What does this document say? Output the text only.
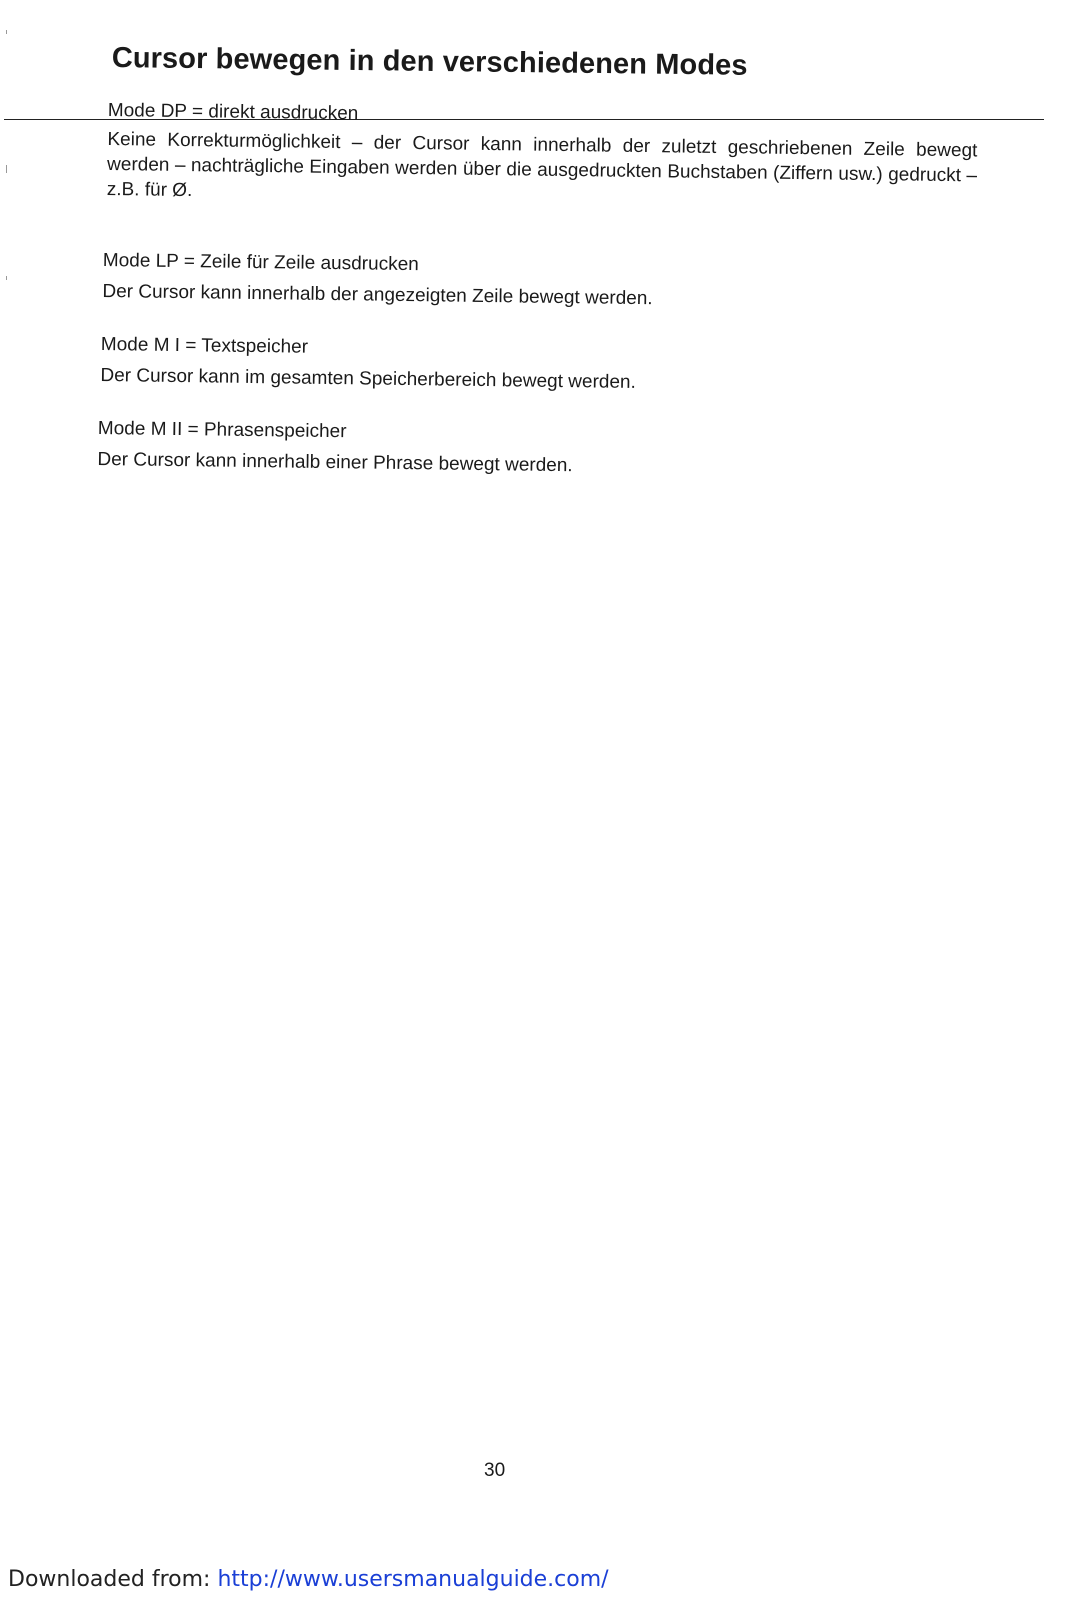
Cursor bewegen in den verschiedenen Modes
Mode DP = direkt ausdrucken
Keine Korrekturmöglichkeit – der Cursor kann innerhalb der zuletzt geschriebenen Zeile bewegt werden – nachträgliche Eingaben werden über die ausgedruckten Buchstaben (Ziffern usw.) gedruckt – z.B. für Ø.
Mode LP = Zeile für Zeile ausdrucken
Der Cursor kann innerhalb der angezeigten Zeile bewegt werden.
Mode M I = Textspeicher
Der Cursor kann im gesamten Speicherbereich bewegt werden.
Mode M II = Phrasenspeicher
Der Cursor kann innerhalb einer Phrase bewegt werden.
30
Downloaded from: http://www.usersmanualguide.com/
